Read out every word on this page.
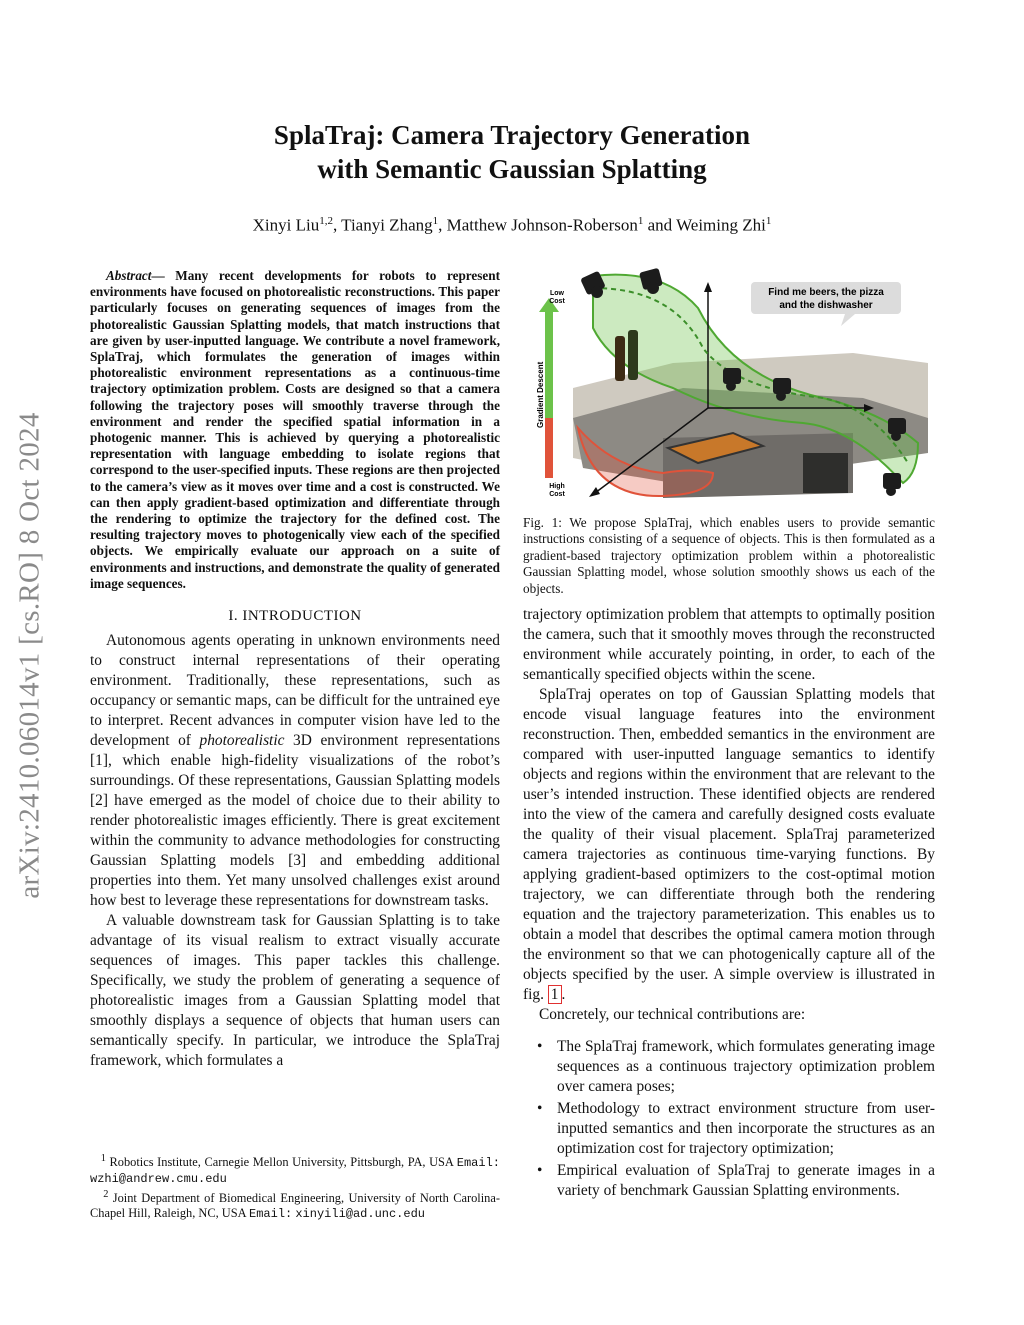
arXiv:2410.06014v1 [cs.RO] 8 Oct 2024
SplaTraj: Camera Trajectory Generation
with Semantic Gaussian Splatting
Xinyi Liu$^{1,2}$, Tianyi Zhang$^1$, Matthew Johnson-Roberson$^1$ and Weiming Zhi$^1$

Abstract— Many recent developments for robots to represent environments have focused on photorealistic reconstructions. This paper particularly focuses on generating sequences of images from the photorealistic Gaussian Splatting models, that match instructions that are given by user-inputted language. We contribute a novel framework, SplaTraj, which formulates the generation of images within photorealistic environment representations as a continuous-time trajectory optimization problem. Costs are designed so that a camera following the trajectory poses will smoothly traverse through the environment and render the specified spatial information in a photogenic manner. This is achieved by querying a photorealistic representation with language embedding to isolate regions that correspond to the user-specified inputs. These regions are then projected to the camera’s view as it moves over time and a cost is constructed. We can then apply gradient-based optimization and differentiate through the rendering to optimize the trajectory for the defined cost. The resulting trajectory moves to photogenically view each of the specified objects. We empirically evaluate our approach on a suite of environments and instructions, and demonstrate the quality of generated image sequences.

I. INTRODUCTION

Autonomous agents operating in unknown environments need to construct internal representations of their operating environment. Traditionally, these representations, such as occupancy or semantic maps, can be difficult for the untrained eye to interpret. Recent advances in computer vision have led to the development of photorealistic 3D environment representations [1], which enable high-fidelity visualizations of the robot’s surroundings. Of these representations, Gaussian Splatting models [2] have emerged as the model of choice due to their ability to render photorealistic images efficiently. There is great excitement within the community to advance methodologies for constructing Gaussian Splatting models [3] and embedding additional properties into them. Yet many unsolved challenges exist around how best to leverage these representations for downstream tasks.

A valuable downstream task for Gaussian Splatting is to take advantage of its visual realism to extract visually accurate sequences of images. This paper tackles this challenge. Specifically, we study the problem of generating a sequence of photorealistic images from a Gaussian Splatting model that smoothly displays a sequence of objects that human users can semantically specify. In particular, we introduce the SplaTraj framework, which formulates a

$^1$ Robotics Institute, Carnegie Mellon University, Pittsburgh, PA, USA Email: wzhi@andrew.cmu.edu

$^2$ Joint Department of Biomedical Engineering, University of North Carolina-Chapel Hill, Raleigh, NC, USA Email: xinyili@ad.unc.edu

Low
Cost
High
Cost
Gradient Descent
Find me beers, the pizza
and the dishwasher

Fig. 1: We propose SplaTraj, which enables users to provide semantic instructions consisting of a sequence of objects. This is then formulated as a gradient-based trajectory optimization problem within a photorealistic Gaussian Splatting model, whose solution smoothly shows us each of the objects.

trajectory optimization problem that attempts to optimally position the camera, such that it smoothly moves through the reconstructed environment while accurately pointing, in order, to each of the semantically specified objects within the scene.

SplaTraj operates on top of Gaussian Splatting models that encode visual language features into the environment reconstruction. Then, embedded semantics in the environment are compared with user-inputted language semantics to identify objects and regions within the environment that are relevant to the user’s intended instruction. These identified objects are rendered into the view of the camera and carefully designed costs evaluate the quality of their visual placement. SplaTraj parameterized camera trajectories as continuous time-varying functions. By applying gradient-based optimizers to the cost-optimal motion trajectory, we can differentiate through both the rendering equation and the trajectory parameterization. This enables us to obtain a model that describes the optimal camera motion through the environment so that we can photogenically capture all of the objects specified by the user. A simple overview is illustrated in fig. 1 .

Concretely, our technical contributions are:

• The SplaTraj framework, which formulates generating image sequences as a continuous trajectory optimization problem over camera poses;
• Methodology to extract environment structure from user-inputted semantics and then incorporate the structures as an optimization cost for trajectory optimization;
• Empirical evaluation of SplaTraj to generate images in a variety of benchmark Gaussian Splatting environments.
